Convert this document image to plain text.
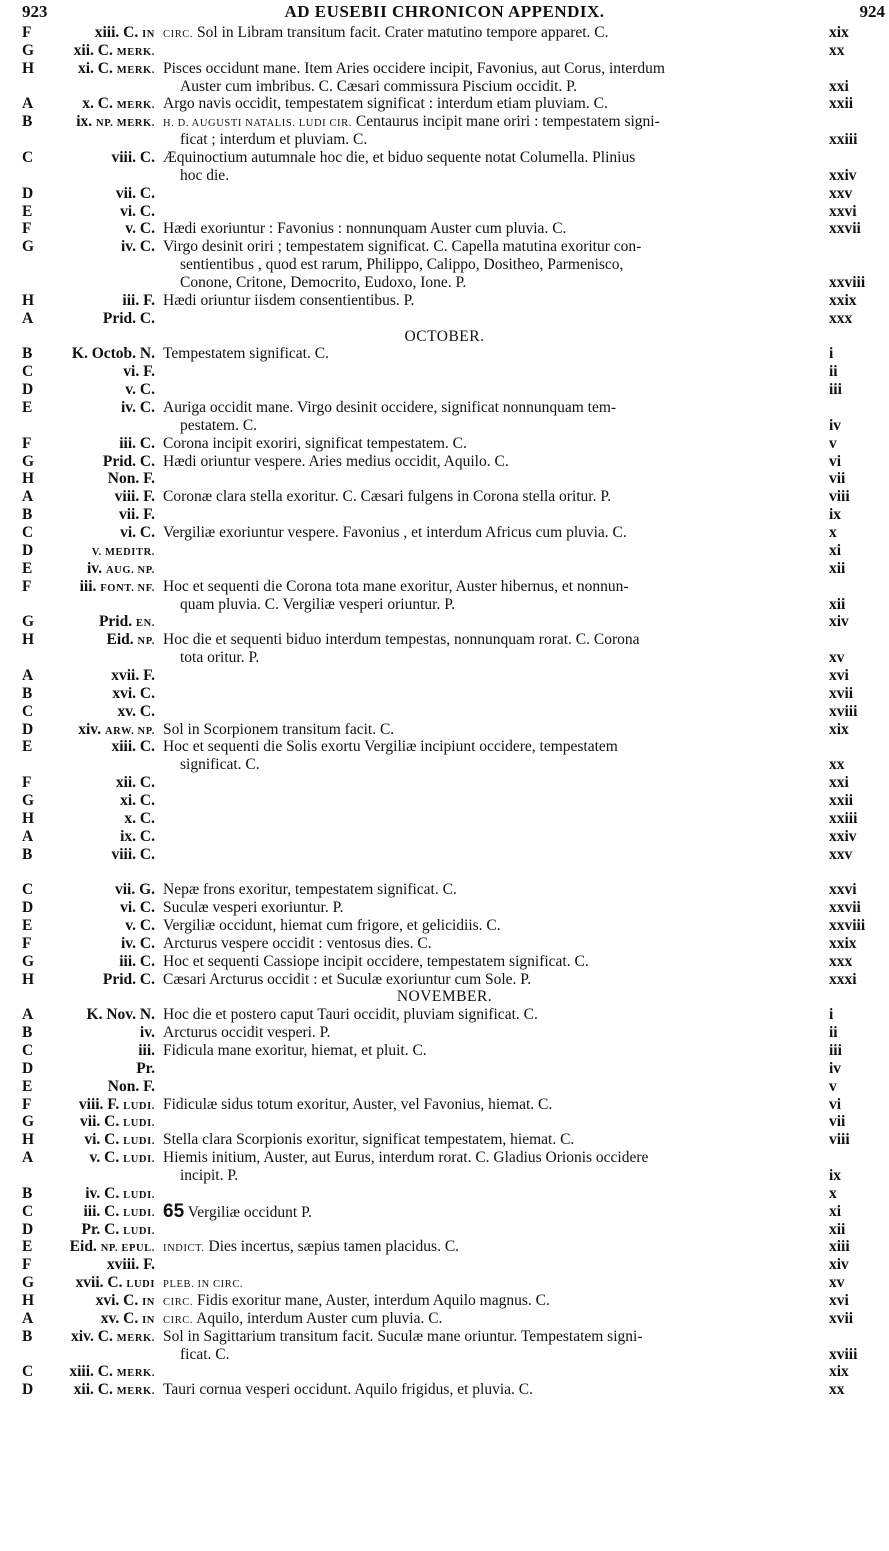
923	AD EUSEBII CHRONICON APPENDIX.	924
F	xiii. C. IN CIRC. Sol in Libram transitum facit. Crater matutino tempore apparet. C.	xix
G	xii. C. MERK.	xx
H	xi. C. MERK. Pisces occidunt mane. Item Aries occidere incipit, Favonius, aut Corus, interdum
Auster cum imbribus. C. Cæsari commissura Piscium occidit. P.	xxi
A	x. C. MERK. Argo navis occidit, tempestatem significat : interdum etiam pluviam. C.	xxii
B	ix. NP. MERK. H. D. AUGUSTI NATALIS. LUDI CIR. Centaurus incipit mane oriri : tempestatem signi-
ficat ; interdum et pluviam. C.	xxiii
C	viii. C. Æquinoctium autumnale hoc die, et biduo sequente notat Columella. Plinius
hoc die.	xxiv
D	vii. C.	xxv
E	vi. C.	xxvi
F	v. C. Hædi exoriuntur : Favonius : nonnunquam Auster cum pluvia. C.	xxvii
G	iv. C. Virgo desinit oriri ; tempestatem significat. C. Capella matutina exoritur con-
sentientibus , quod est rarum, Philippo, Calippo, Dositheo, Parmenisco,
Conone, Critone, Democrito, Eudoxo, Ione. P.	xxviii
H	iii. F. Hædi oriuntur iisdem consentientibus. P.	xxix
A	Prid. C.	xxx
OCTOBER.
B	K. Octob. N. Tempestatem significat. C.	i
C	vi. F.	ii
D	v. C.	iii
E	iv. C. Auriga occidit mane. Virgo desinit occidere, significat nonnunquam tem-
pestatem. C.	iv
F	iii. C. Corona incipit exoriri, significat tempestatem. C.	v
G	Prid. C. Hædi oriuntur vespere. Aries medius occidit, Aquilo. C.	vi
H	Non. F.	vii
A	viii. F. Coronæ clara stella exoritur. C. Cæsari fulgens in Corona stella oritur. P.	viii
B	vii. F.	ix
C	vi. C. Vergiliæ exoriuntur vespere. Favonius , et interdum Africus cum pluvia. C.	x
D	V. MEDITR.	xi
E	iv. AUG. NP.	xii
F	iii. FONT. NF. Hoc et sequenti die Corona tota mane exoritur, Auster hibernus, et nonnun-
quam pluvia. C. Vergiliæ vesperi oriuntur. P.	xii
G	Prid. EN.	xiv
H	Eid. NP. Hoc die et sequenti biduo interdum tempestas, nonnunquam rorat. C. Corona
tota oritur. P.	xv
A	xvii. F.	xvi
B	xvi. C.	xvii
C	xv. C.	xviii
D	xiv. ARW. NP. Sol in Scorpionem transitum facit. C.	xix
E	xiii. C. Hoc et sequenti die Solis exortu Vergiliæ incipiunt occidere, tempestatem
significat. C.	xx
F	xii. C.	xxi
G	xi. C.	xxii
H	x. C.	xxiii
A	ix. C.	xxiv
B	viii. C.	xxv
C	vii. G. Nepæ frons exoritur, tempestatem significat. C.	xxvi
D	vi. C. Suculæ vesperi exoriuntur. P.	xxvii
E	v. C. Vergiliæ occidunt, hiemat cum frigore, et gelicidiis. C.	xxviii
F	iv. C. Arcturus vespere occidit : ventosus dies. C.	xxix
G	iii. C. Hoc et sequenti Cassiope incipit occidere, tempestatem significat. C.	xxx
H	Prid. C. Cæsari Arcturus occidit : et Suculæ exoriuntur cum Sole. P.	xxxi
NOVEMBER.
A	K. Nov. N. Hoc die et postero caput Tauri occidit, pluviam significat. C.	i
B	iv. Arcturus occidit vesperi. P.	ii
C	iii. Fidicula mane exoritur, hiemat, et pluit. C.	iii
D	Pr.	iv
E	Non. F.	v
F	viii. F. LUDI. Fidiculæ sidus totum exoritur, Auster, vel Favonius, hiemat. C.	vi
G	vii. C. LUDI.	vii
H	vi. C. LUDI. Stella clara Scorpionis exoritur, significat tempestatem, hiemat. C.	viii
A	v. C. LUDI. Hiemis initium, Auster, aut Eurus, interdum rorat. C. Gladius Orionis occidere
incipit. P.	ix
B	iv. C. LUDI.	x
C	iii. C. LUDI. 65 Vergiliæ occidunt P.	xi
D	Pr. C. LUDI.	xii
E Eid. NP. EPUL. INDICT. Dies incertus, sæpius tamen placidus. C.	xiii
F	xviii. F.	xiv
G	xvii. C. LUDI PLEB. IN CIRC.	xv
H	xvi. C. IN CIRC. Fidis exoritur mane, Auster, interdum Aquilo magnus. C.	xvi
A	xv. C. IN CIRC. Aquilo, interdum Auster cum pluvia. C.	xvii
B xiv. C. MERK. Sol in Sagittarium transitum facit. Suculæ mane oriuntur. Tempestatem signi-
ficat. C.	xviii
C xiii. C. MERK.	xix
D	xii. C. MERK. Tauri cornua vesperi occidunt. Aquilo frigidus, et pluvia. C.	xx
